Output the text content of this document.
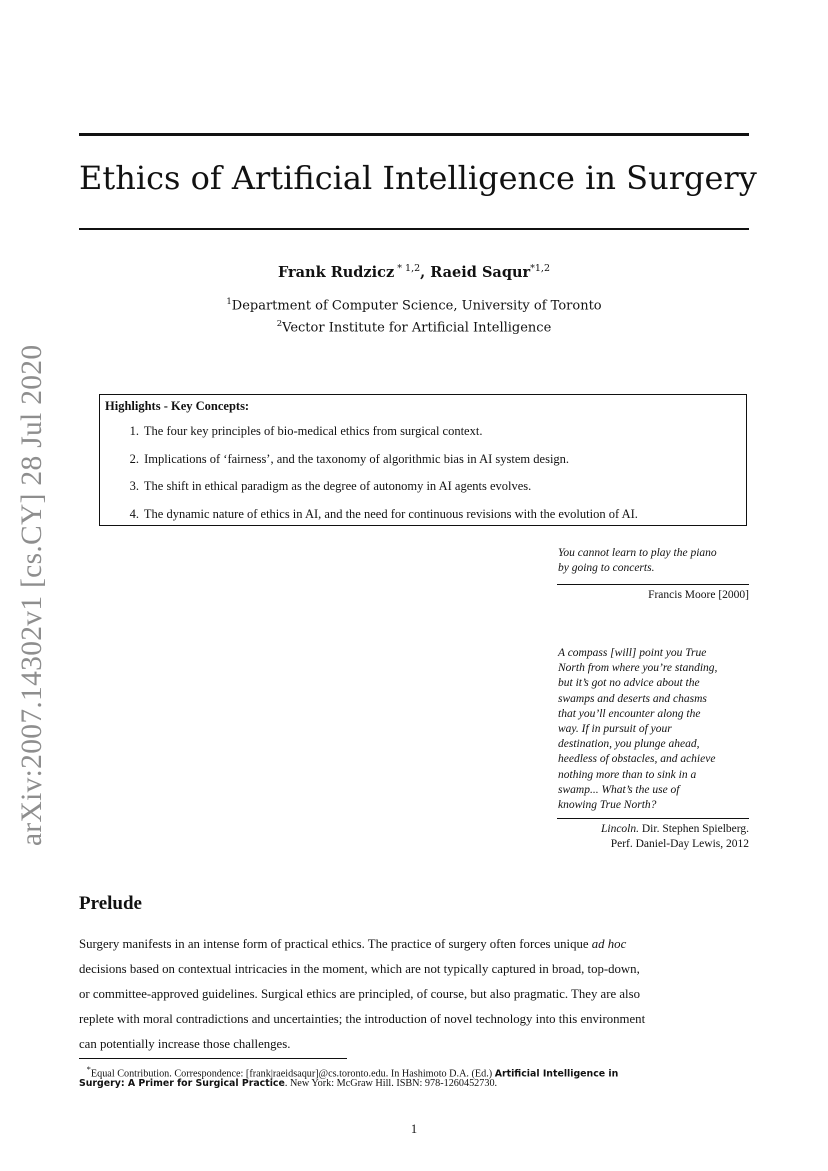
arXiv:2007.14302v1 [cs.CY] 28 Jul 2020
Ethics of Artificial Intelligence in Surgery
Frank Rudzicz $^{* 1,2}$, Raeid Saqur$^{*1,2}$
$^1$Department of Computer Science, University of Toronto
$^2$Vector Institute for Artificial Intelligence
Highlights - Key Concepts:
1. The four key principles of bio-medical ethics from surgical context.
2. Implications of ‘fairness’, and the taxonomy of algorithmic bias in AI system design.
3. The shift in ethical paradigm as the degree of autonomy in AI agents evolves.
4. The dynamic nature of ethics in AI, and the need for continuous revisions with the evolution of AI.
You cannot learn to play the piano
by going to concerts.
Francis Moore [2000]
A compass [will] point you True
North from where you’re standing,
but it’s got no advice about the
swamps and deserts and chasms
that you’ll encounter along the
way. If in pursuit of your
destination, you plunge ahead,
heedless of obstacles, and achieve
nothing more than to sink in a
swamp... What’s the use of
knowing True North?
Lincoln. Dir. Stephen Spielberg.
Perf. Daniel-Day Lewis, 2012
Prelude
Surgery manifests in an intense form of practical ethics. The practice of surgery often forces unique ad hoc
decisions based on contextual intricacies in the moment, which are not typically captured in broad, top-down,
or committee-approved guidelines. Surgical ethics are principled, of course, but also pragmatic. They are also
replete with moral contradictions and uncertainties; the introduction of novel technology into this environment
can potentially increase those challenges.
*Equal Contribution. Correspondence: [frank|raeidsaqur]@cs.toronto.edu. In Hashimoto D.A. (Ed.) Artificial Intelligence in
Surgery: A Primer for Surgical Practice. New York: McGraw Hill. ISBN: 978-1260452730.
1
